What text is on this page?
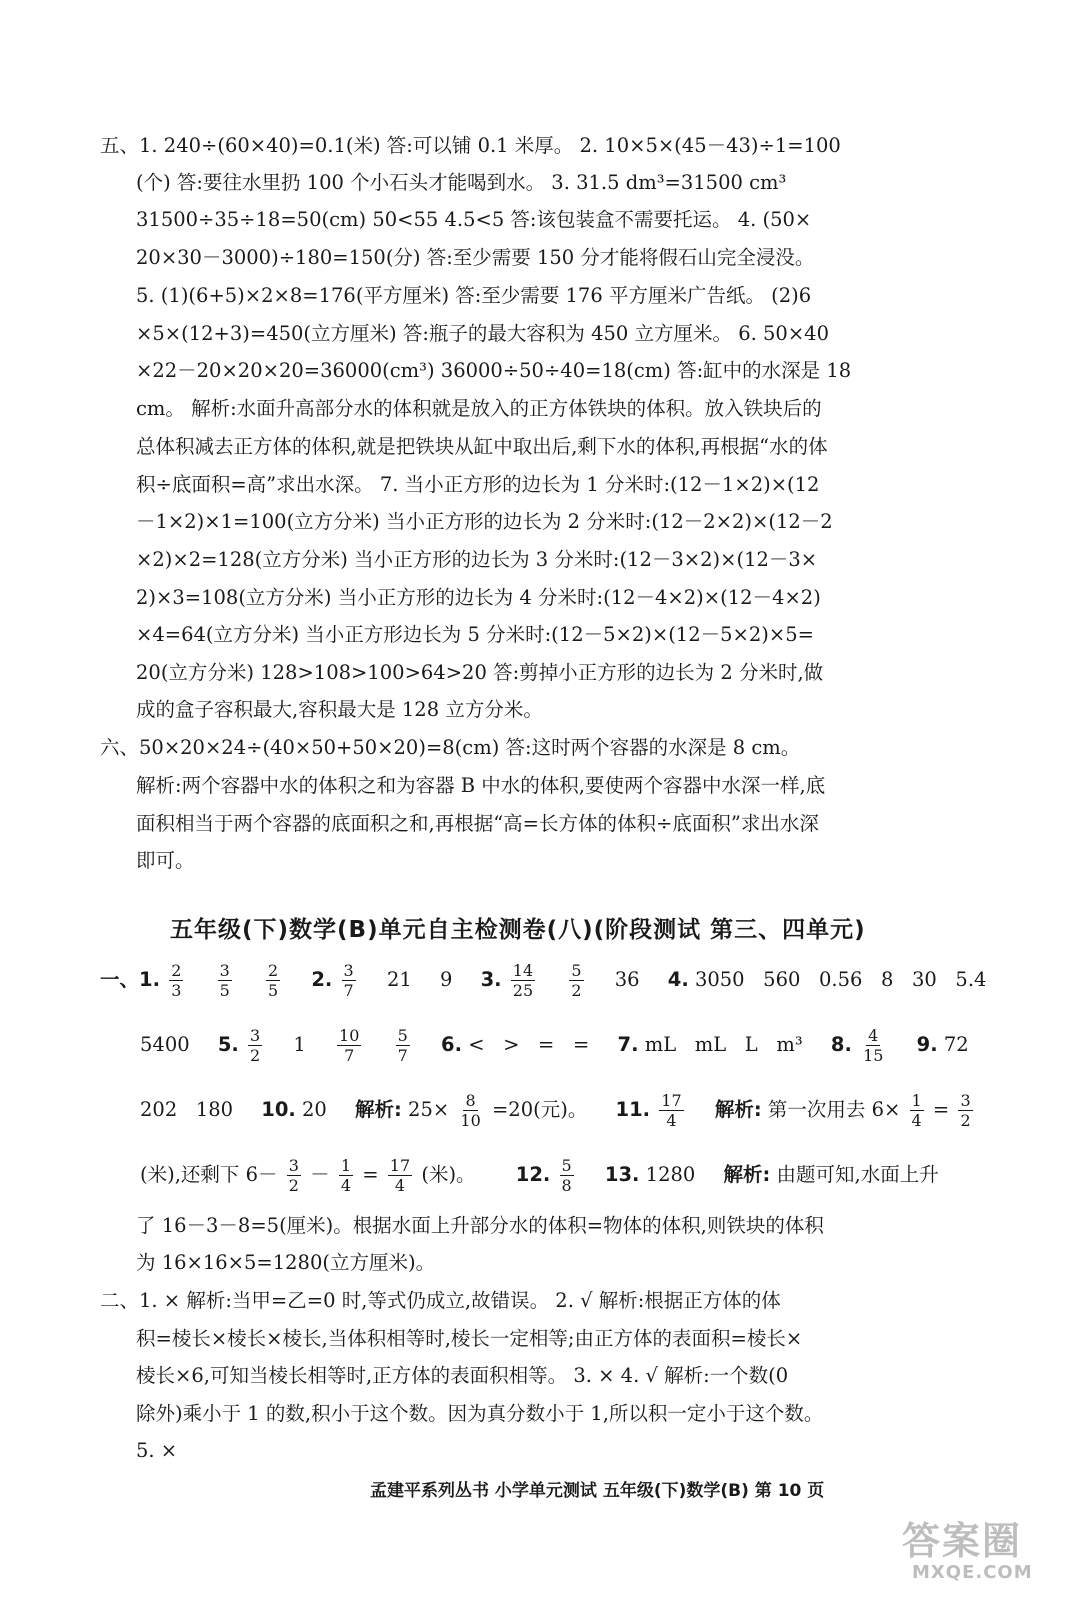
五、1. 240÷(60×40)=0.1(米) 答:可以铺 0.1 米厚。 2. 10×5×(45－43)÷1=100
(个) 答:要往水里扔 100 个小石头才能喝到水。 3. 31.5 dm³=31500 cm³
31500÷35÷18=50(cm) 50<55 4.5<5 答:该包装盒不需要托运。 4. (50×
20×30－3000)÷180=150(分) 答:至少需要 150 分才能将假石山完全浸没。
5. (1)(6+5)×2×8=176(平方厘米) 答:至少需要 176 平方厘米广告纸。 (2)6
×5×(12+3)=450(立方厘米) 答:瓶子的最大容积为 450 立方厘米。 6. 50×40
×22－20×20×20=36000(cm³) 36000÷50÷40=18(cm) 答:缸中的水深是 18
cm。 解析:水面升高部分水的体积就是放入的正方体铁块的体积。放入铁块后的
总体积减去正方体的体积,就是把铁块从缸中取出后,剩下水的体积,再根据“水的体
积÷底面积=高”求出水深。 7. 当小正方形的边长为 1 分米时:(12－1×2)×(12
－1×2)×1=100(立方分米) 当小正方形的边长为 2 分米时:(12－2×2)×(12－2
×2)×2=128(立方分米) 当小正方形的边长为 3 分米时:(12－3×2)×(12－3×
2)×3=108(立方分米) 当小正方形的边长为 4 分米时:(12－4×2)×(12－4×2)
×4=64(立方分米) 当小正方形边长为 5 分米时:(12－5×2)×(12－5×2)×5=
20(立方分米) 128>108>100>64>20 答:剪掉小正方形的边长为 2 分米时,做
成的盒子容积最大,容积最大是 128 立方分米。
六、50×20×24÷(40×50+50×20)=8(cm) 答:这时两个容器的水深是 8 cm。
解析:两个容器中水的体积之和为容器 B 中水的体积,要使两个容器中水深一样,底
面积相当于两个容器的底面积之和,再根据“高=长方体的体积÷底面积”求出水深
即可。
五年级(下)数学(B)单元自主检测卷(八)(阶段测试 第三、四单元)
一、1. $\frac{2}{3}$
$\frac{3}{5}$
$\frac{2}{5} 2$. $\frac{3}{7} 21$ 9 3. $\frac{14}{25}$
$\frac{5}{2} 36$ 4. 3050   560   0.56   8   30   5.4
5400 5. $\frac{3}{2} 1 \frac{10}{7}$
$\frac{5}{7} 6$. <   >   =   = 7. mL   mL   L   m³ 8. $\frac{4}{15} 9$. 72
202   180 10. 20 解析: $25\times \frac{8}{10} =20$(元)。 11. $\frac{17}{4}$ 解析: 第一次用去 $6\times \frac{1}{4} = \frac{3}{2}$
(米),还剩下 $6- \frac{3}{2} - \frac{1}{4} = \frac{17}{4}$ (米)。 12. $\frac{5}{8} 13$. 1280 解析: 由题可知,水面上升
了 16－3－8=5(厘米)。根据水面上升部分水的体积=物体的体积,则铁块的体积
为 16×16×5=1280(立方厘米)。
二、1. × 解析:当甲=乙=0 时,等式仍成立,故错误。 2. √ 解析:根据正方体的体
积=棱长×棱长×棱长,当体积相等时,棱长一定相等;由正方体的表面积=棱长×
棱长×6,可知当棱长相等时,正方体的表面积相等。 3. × 4. √ 解析:一个数(0
除外)乘小于 1 的数,积小于这个数。因为真分数小于 1,所以积一定小于这个数。
5. ×
孟建平系列丛书 小学单元测试 五年级(下)数学(B) 第 10 页
答案圈
MXQE.COM
